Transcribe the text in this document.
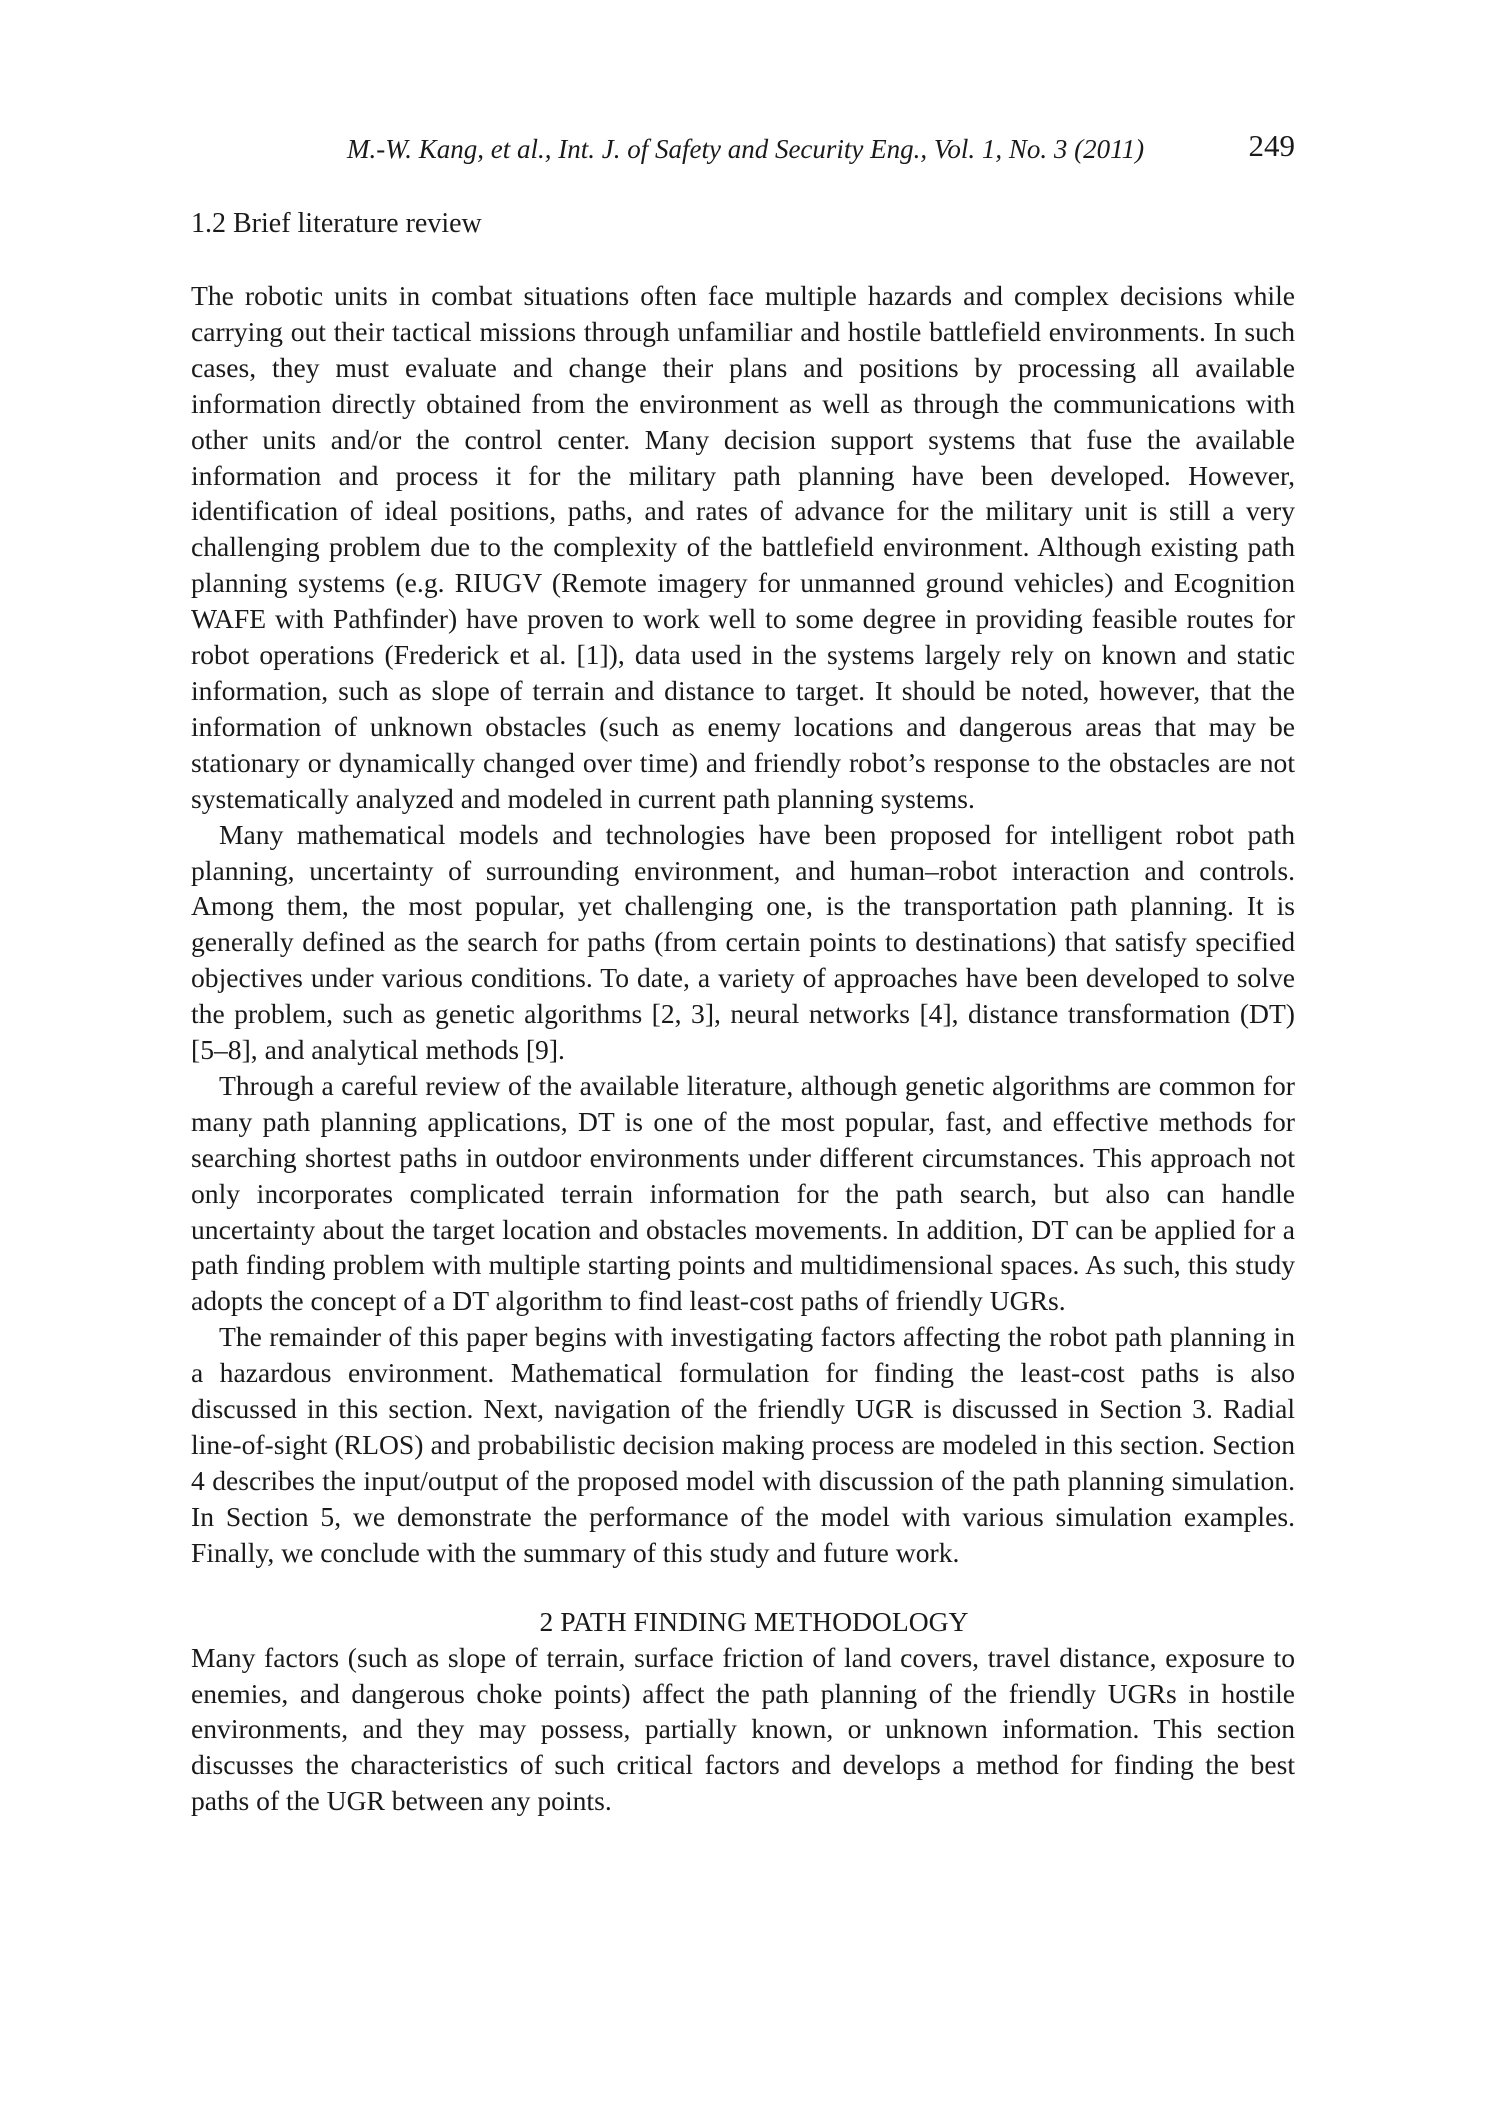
M.-W. Kang, et al., Int. J. of Safety and Security Eng., Vol. 1, No. 3 (2011)	249
1.2 Brief literature review

The robotic units in combat situations often face multiple hazards and complex decisions while carrying out their tactical missions through unfamiliar and hostile battlefield environments. In such cases, they must evaluate and change their plans and positions by processing all available information directly obtained from the environment as well as through the communications with other units and/or the control center. Many decision support systems that fuse the available information and process it for the military path planning have been developed. However, identification of ideal positions, paths, and rates of advance for the military unit is still a very challenging problem due to the complexity of the battlefield environment. Although existing path planning systems (e.g. RIUGV (Remote imagery for unmanned ground vehicles) and Ecognition WAFE with Pathfinder) have proven to work well to some degree in providing feasible routes for robot operations (Frederick et al. [1]), data used in the systems largely rely on known and static information, such as slope of terrain and distance to target. It should be noted, however, that the information of unknown obstacles (such as enemy locations and dangerous areas that may be stationary or dynamically changed over time) and friendly robot’s response to the obstacles are not systematically analyzed and modeled in current path planning systems.

Many mathematical models and technologies have been proposed for intelligent robot path planning, uncertainty of surrounding environment, and human–robot interaction and controls. Among them, the most popular, yet challenging one, is the transportation path planning. It is generally defined as the search for paths (from certain points to destinations) that satisfy specified objectives under various conditions. To date, a variety of approaches have been developed to solve the problem, such as genetic algorithms [2, 3], neural networks [4], distance transformation (DT) [5–8], and analytical methods [9].

Through a careful review of the available literature, although genetic algorithms are common for many path planning applications, DT is one of the most popular, fast, and effective methods for searching shortest paths in outdoor environments under different circumstances. This approach not only incorporates complicated terrain information for the path search, but also can handle uncertainty about the target location and obstacles movements. In addition, DT can be applied for a path finding problem with multiple starting points and multidimensional spaces. As such, this study adopts the concept of a DT algorithm to find least-cost paths of friendly UGRs.

The remainder of this paper begins with investigating factors affecting the robot path planning in a hazardous environment. Mathematical formulation for finding the least-cost paths is also discussed in this section. Next, navigation of the friendly UGR is discussed in Section 3. Radial line-of-sight (RLOS) and probabilistic decision making process are modeled in this section. Section 4 describes the input/output of the proposed model with discussion of the path planning simulation. In Section 5, we demonstrate the performance of the model with various simulation examples. Finally, we conclude with the summary of this study and future work.

2 PATH FINDING METHODOLOGY

Many factors (such as slope of terrain, surface friction of land covers, travel distance, exposure to enemies, and dangerous choke points) affect the path planning of the friendly UGRs in hostile environments, and they may possess, partially known, or unknown information. This section discusses the characteristics of such critical factors and develops a method for finding the best paths of the UGR between any points.
